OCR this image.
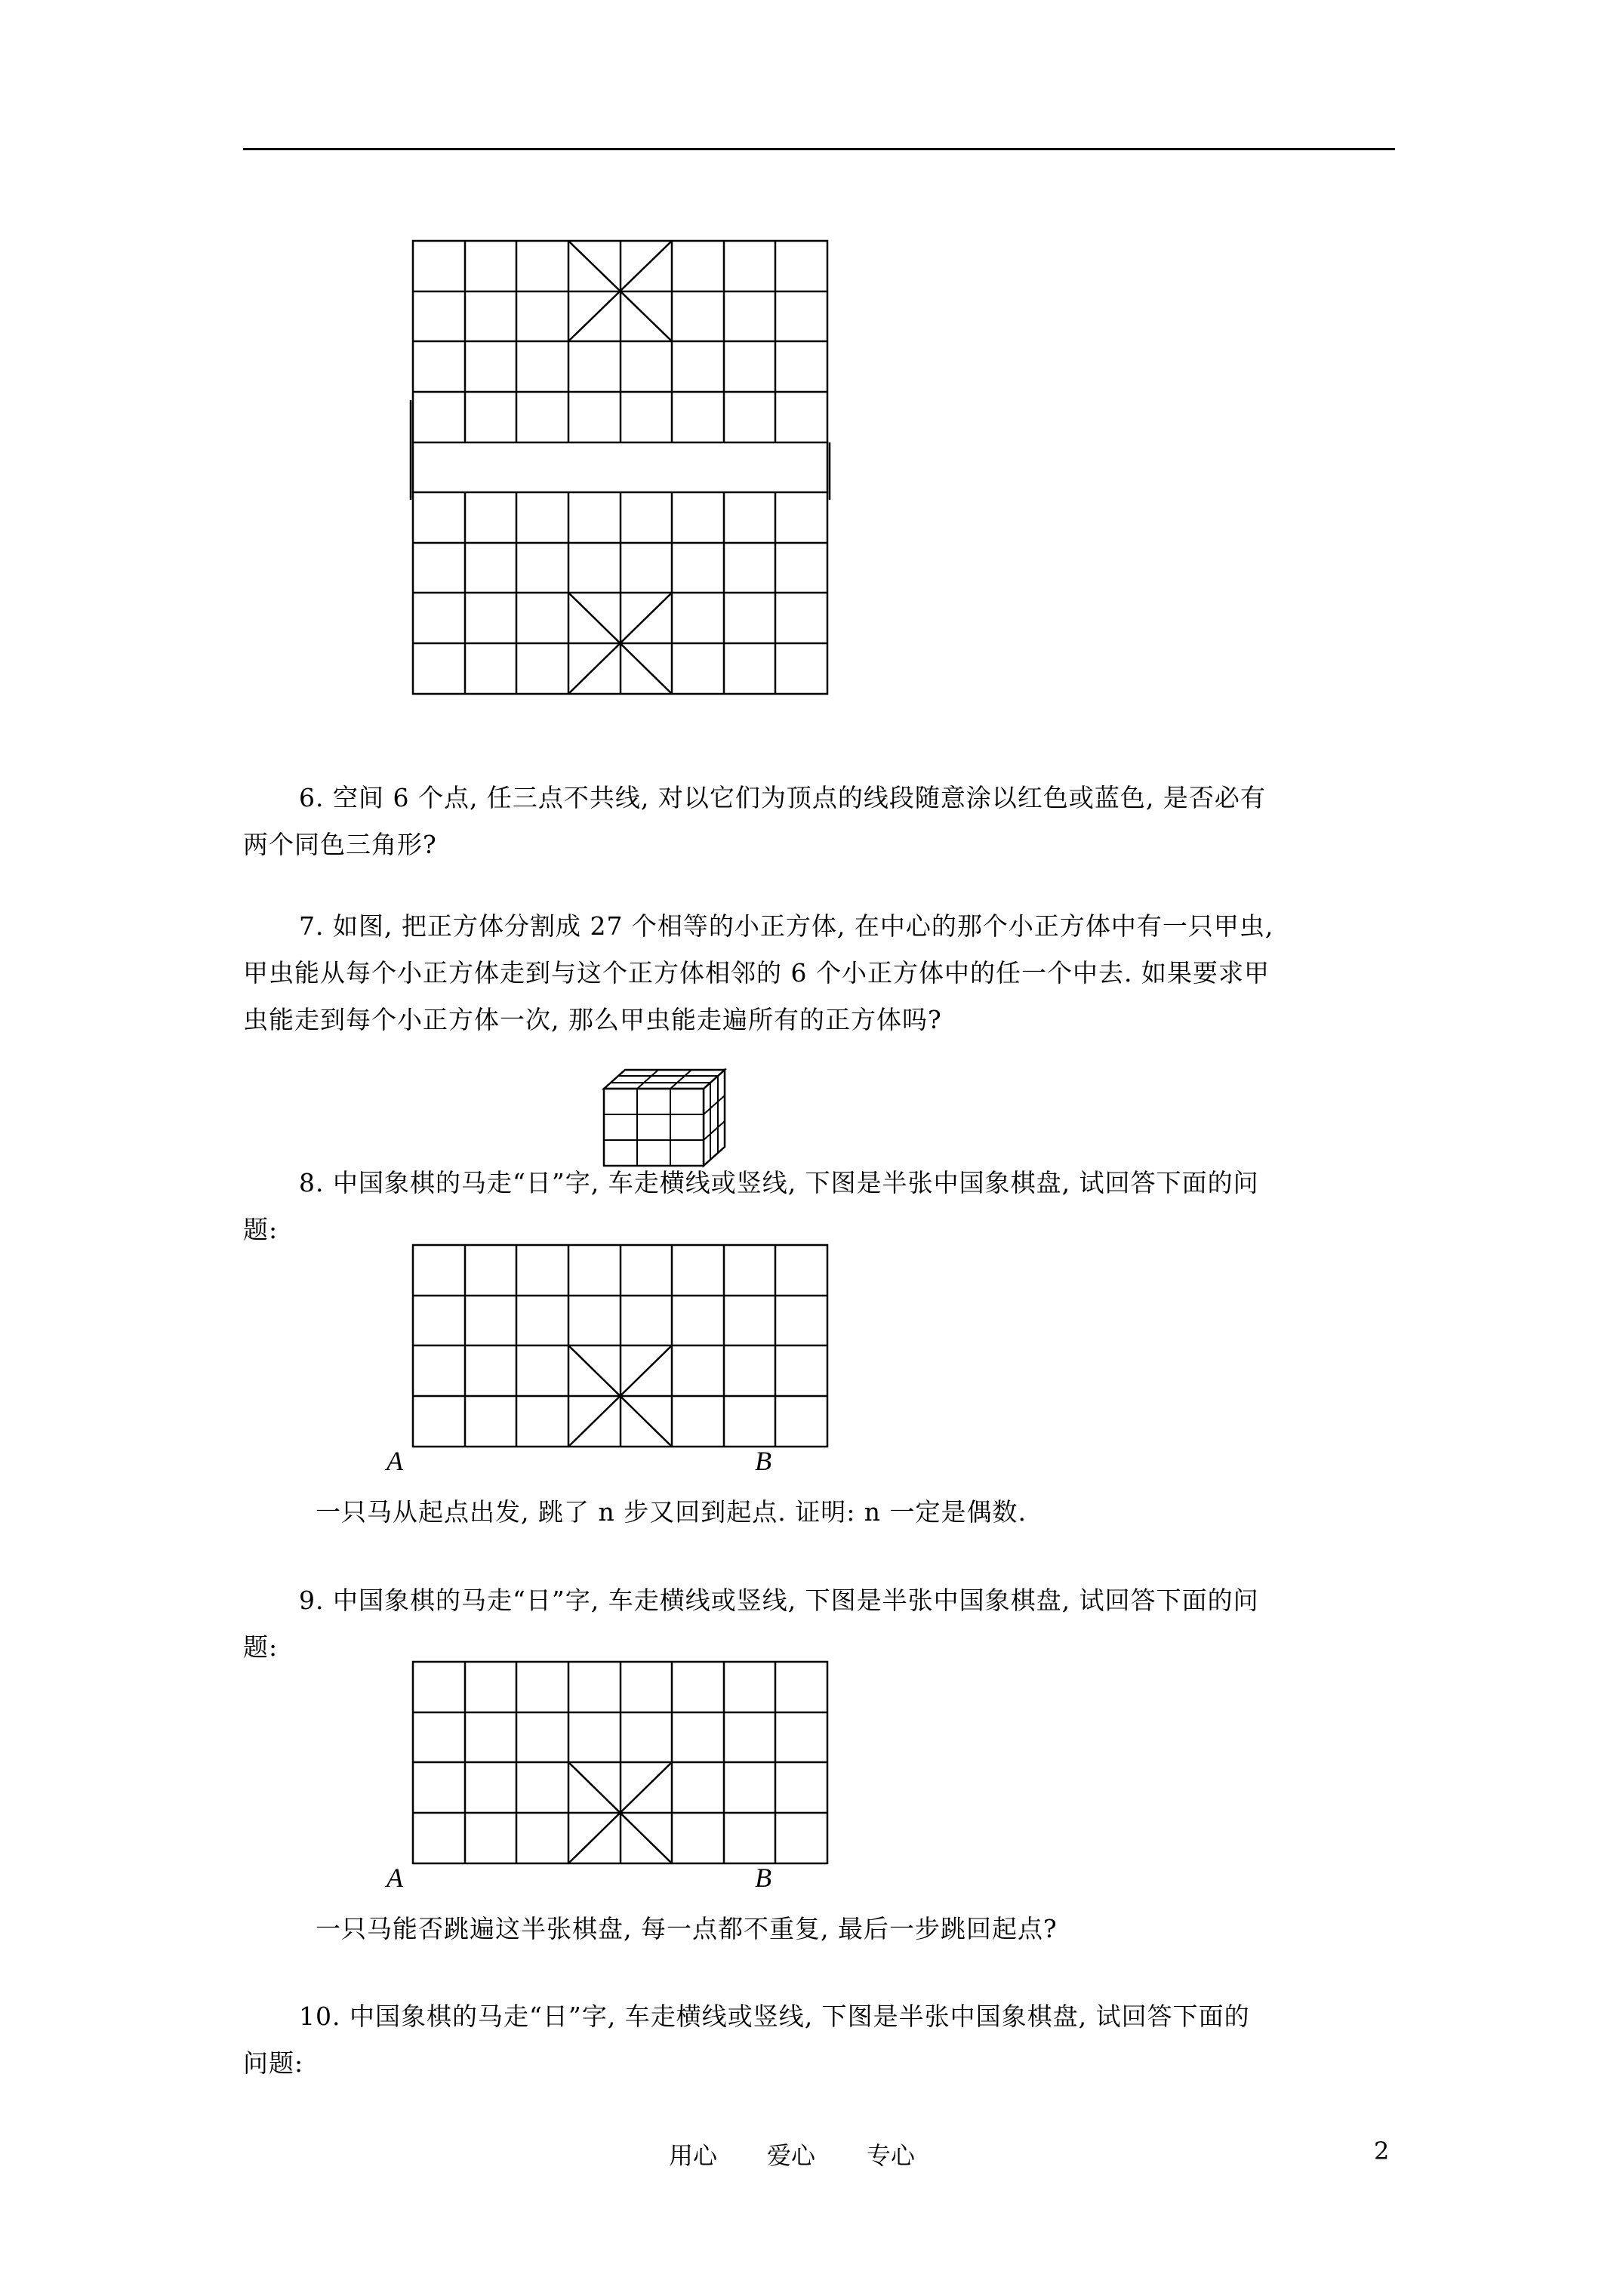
6. 空间 6 个点, 任三点不共线, 对以它们为顶点的线段随意涂以红色或蓝色, 是否必有
两个同色三角形?
7. 如图, 把正方体分割成 27 个相等的小正方体, 在中心的那个小正方体中有一只甲虫,
甲虫能从每个小正方体走到与这个正方体相邻的 6 个小正方体中的任一个中去. 如果要求甲
虫能走到每个小正方体一次, 那么甲虫能走遍所有的正方体吗?
8. 中国象棋的马走“日”字, 车走横线或竖线, 下图是半张中国象棋盘, 试回答下面的问
题:
A	B
一只马从起点出发, 跳了 n 步又回到起点. 证明: n 一定是偶数.
9. 中国象棋的马走“日”字, 车走横线或竖线, 下图是半张中国象棋盘, 试回答下面的问
题:
A	B
一只马能否跳遍这半张棋盘, 每一点都不重复, 最后一步跳回起点?
10. 中国象棋的马走“日”字, 车走横线或竖线, 下图是半张中国象棋盘, 试回答下面的
问题:
用心 爱心 专心	2
